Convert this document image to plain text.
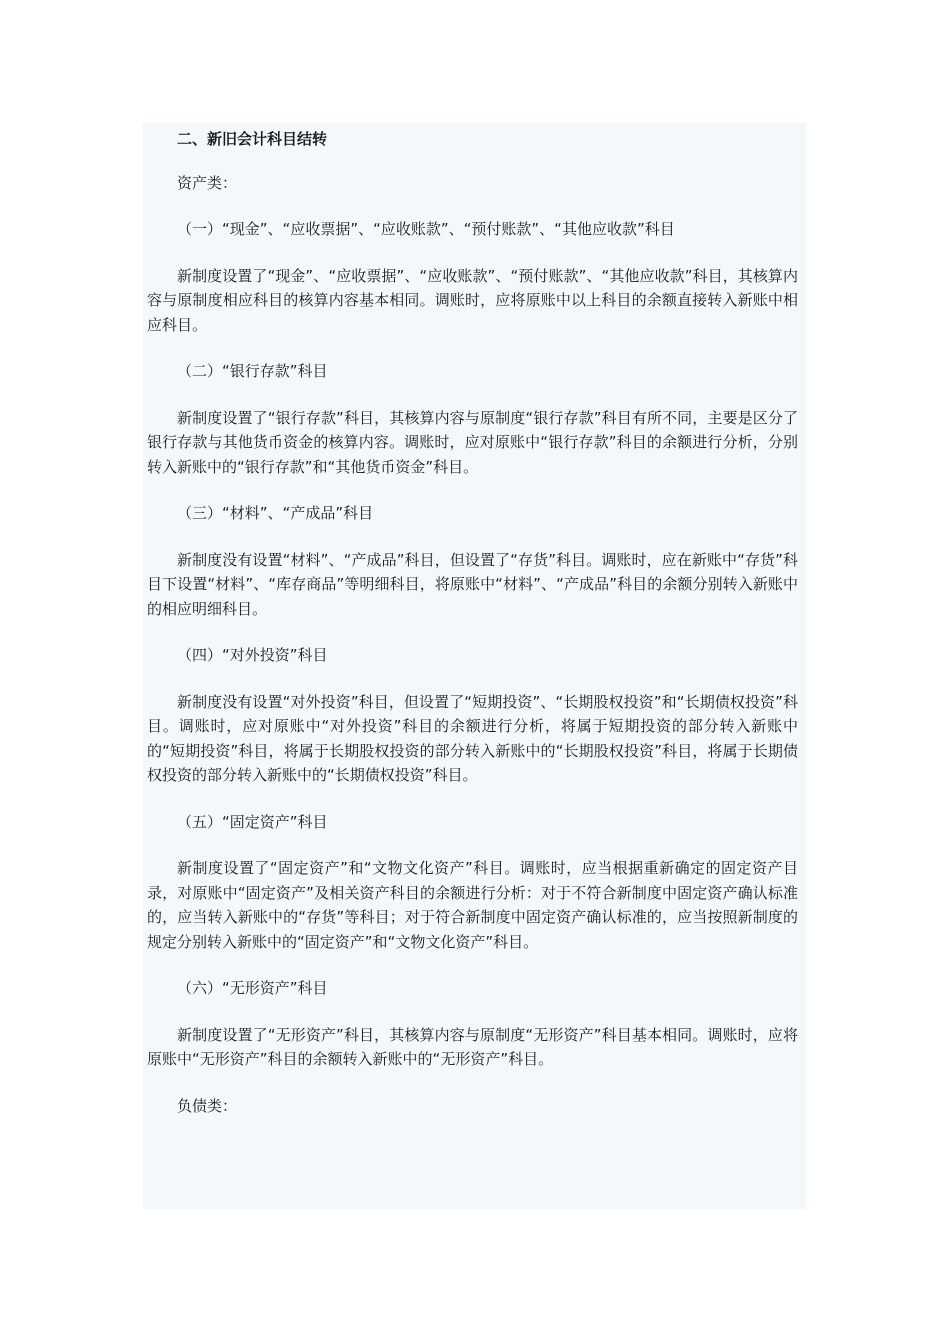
二、新旧会计科目结转

资产类：

（一）“现金”、“应收票据”、“应收账款”、“预付账款”、“其他应收款”科目

新制度设置了“现金”、“应收票据”、“应收账款”、“预付账款”、“其他应收款”科目，其核算内容与原制度相应科目的核算内容基本相同。调账时，应将原账中以上科目的余额直接转入新账中相应科目。

（二）“银行存款”科目

新制度设置了“银行存款”科目，其核算内容与原制度“银行存款”科目有所不同，主要是区分了银行存款与其他货币资金的核算内容。调账时，应对原账中“银行存款”科目的余额进行分析，分别转入新账中的“银行存款”和“其他货币资金”科目。

（三）“材料”、“产成品”科目

新制度没有设置“材料”、“产成品”科目，但设置了“存货”科目。调账时，应在新账中“存货”科目下设置“材料”、“库存商品”等明细科目，将原账中“材料”、“产成品”科目的余额分别转入新账中的相应明细科目。

（四）“对外投资”科目

新制度没有设置“对外投资”科目，但设置了“短期投资”、“长期股权投资”和“长期债权投资”科目。调账时，应对原账中“对外投资”科目的余额进行分析，将属于短期投资的部分转入新账中的“短期投资”科目，将属于长期股权投资的部分转入新账中的“长期股权投资”科目，将属于长期债权投资的部分转入新账中的“长期债权投资”科目。

（五）“固定资产”科目

新制度设置了“固定资产”和“文物文化资产”科目。调账时，应当根据重新确定的固定资产目录，对原账中“固定资产”及相关资产科目的余额进行分析：对于不符合新制度中固定资产确认标准的，应当转入新账中的“存货”等科目；对于符合新制度中固定资产确认标准的，应当按照新制度的规定分别转入新账中的“固定资产”和“文物文化资产”科目。

（六）“无形资产”科目

新制度设置了“无形资产”科目，其核算内容与原制度“无形资产”科目基本相同。调账时，应将原账中“无形资产”科目的余额转入新账中的“无形资产”科目。

负债类：
